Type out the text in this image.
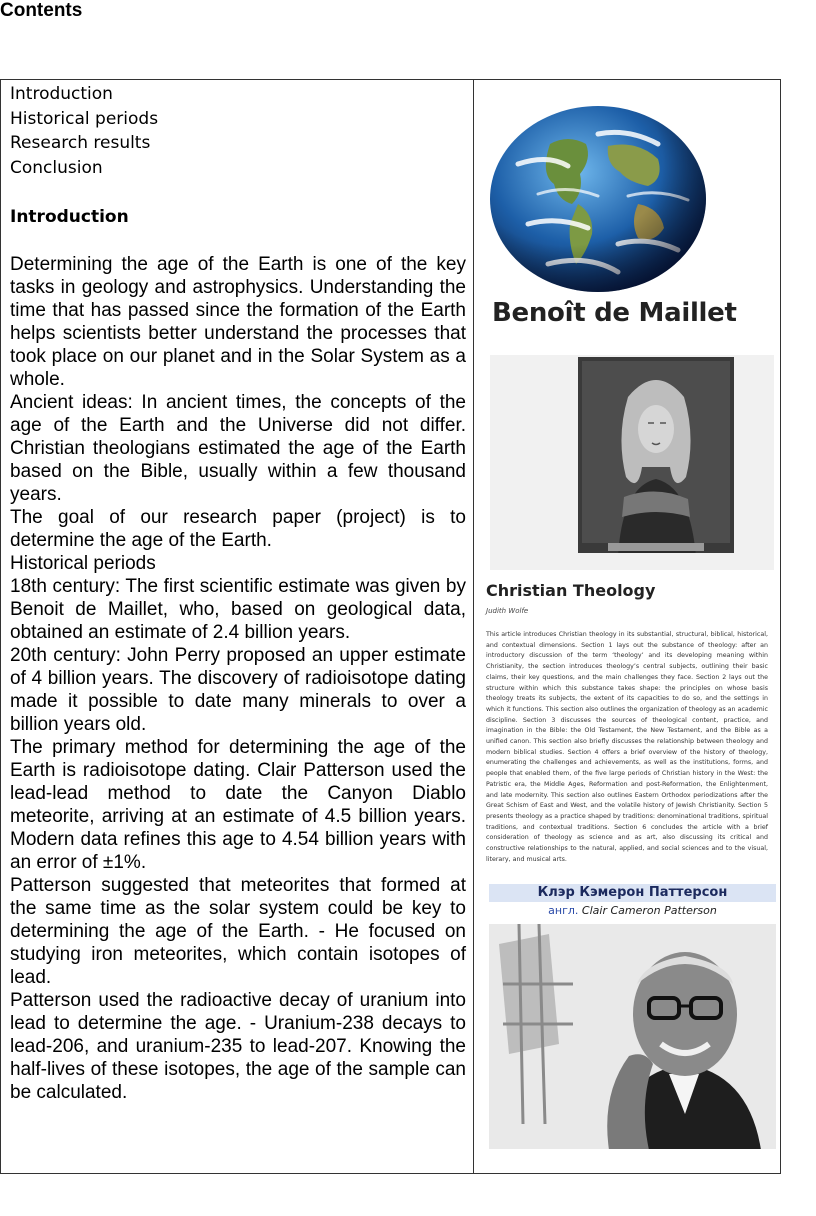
Contents
Introduction
Historical periods
Research results
Conclusion
Introduction

Determining the age of the Earth is one of the key tasks in geology and astrophysics. Understanding the time that has passed since the formation of the Earth helps scientists better understand the processes that took place on our planet and in the Solar System as a whole.

Ancient ideas: In ancient times, the concepts of the age of the Earth and the Universe did not differ. Christian theologians estimated the age of the Earth based on the Bible, usually within a few thousand years.

The goal of our research paper (project) is to determine the age of the Earth.

Historical periods

18th century: The first scientific estimate was given by Benoit de Maillet, who, based on geological data, obtained an estimate of 2.4 billion years.

20th century: John Perry proposed an upper estimate of 4 billion years. The discovery of radioisotope dating made it possible to date many minerals to over a billion years old.

The primary method for determining the age of the Earth is radioisotope dating. Clair Patterson used the lead-lead method to date the Canyon Diablo meteorite, arriving at an estimate of 4.5 billion years. Modern data refines this age to 4.54 billion years with an error of ±1%.

Patterson suggested that meteorites that formed at the same time as the solar system could be key to determining the age of the Earth. - He focused on studying iron meteorites, which contain isotopes of lead.

Patterson used the radioactive decay of uranium into lead to determine the age. - Uranium-238 decays to lead-206, and uranium-235 to lead-207. Knowing the half-lives of these isotopes, the age of the sample can be calculated.

Benoît de Maillet
Christian Theology
Judith Wolfe
This article introduces Christian theology in its substantial, structural, biblical, historical, and contextual dimensions. Section 1 lays out the substance of theology: after an introductory discussion of the term ‘theology’ and its developing meaning within Christianity, the section introduces theology’s central subjects, outlining their basic claims, their key questions, and the main challenges they face. Section 2 lays out the structure within which this substance takes shape: the principles on whose basis theology treats its subjects, the extent of its capacities to do so, and the settings in which it functions. This section also outlines the organization of theology as an academic discipline. Section 3 discusses the sources of theological content, practice, and imagination in the Bible: the Old Testament, the New Testament, and the Bible as a unified canon. This section also briefly discusses the relationship between theology and modern biblical studies. Section 4 offers a brief overview of the history of theology, enumerating the challenges and achievements, as well as the institutions, forms, and people that enabled them, of the five large periods of Christian history in the West: the Patristic era, the Middle Ages, Reformation and post-Reformation, the Enlightenment, and late modernity. This section also outlines Eastern Orthodox periodizations after the Great Schism of East and West, and the volatile history of Jewish Christianity. Section 5 presents theology as a practice shaped by traditions: denominational traditions, spiritual traditions, and contextual traditions. Section 6 concludes the article with a brief consideration of theology as science and as art, also discussing its critical and constructive relationships to the natural, applied, and social sciences and to the visual, literary, and musical arts.
Клэр Кэмерон Паттерсон
англ. Clair Cameron Patterson
